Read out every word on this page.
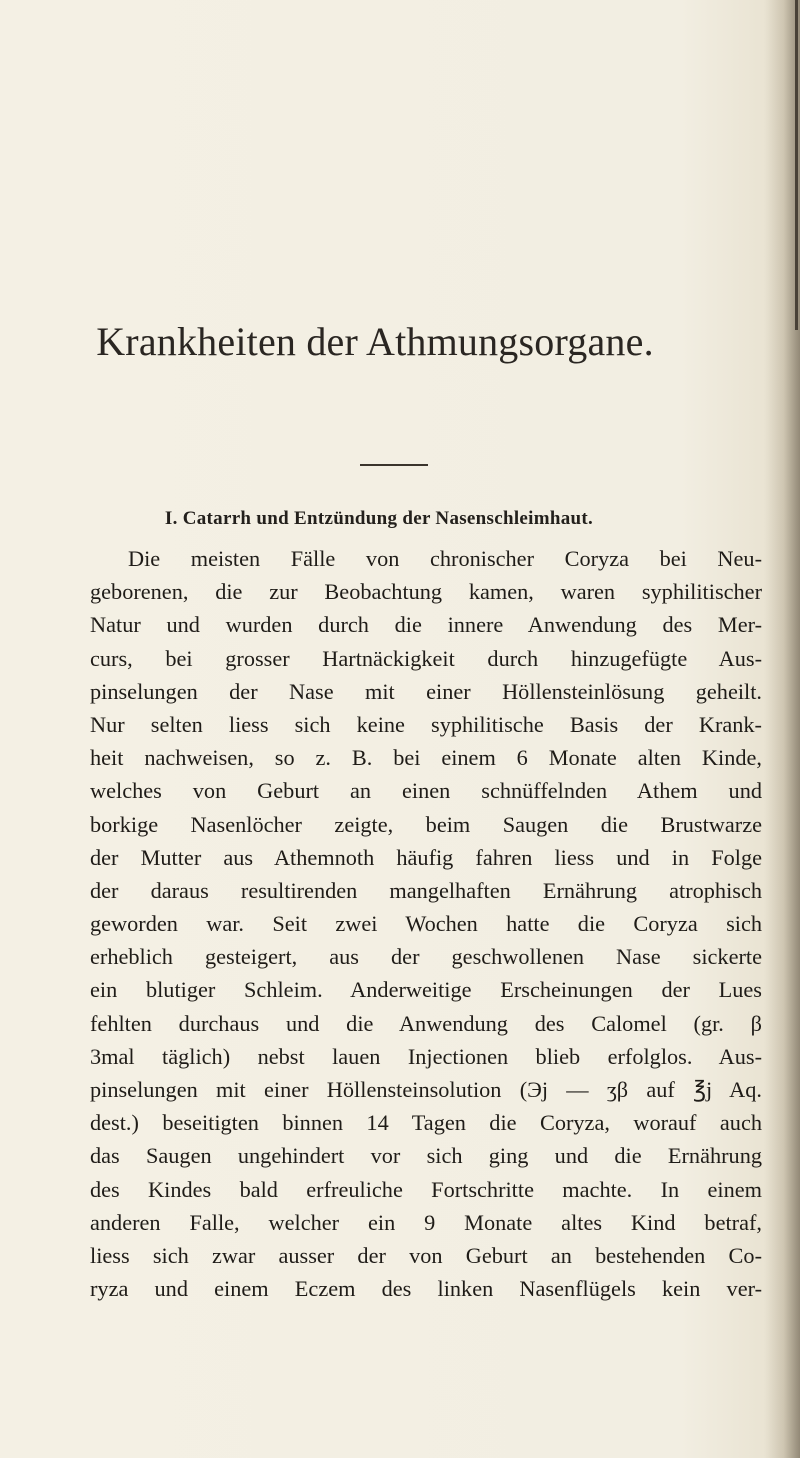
Krankheiten der Athmungsorgane.
I. Catarrh und Entzündung der Nasenschleimhaut.
Die meisten Fälle von chronischer Coryza bei Neu-
geborenen, die zur Beobachtung kamen, waren syphilitischer
Natur und wurden durch die innere Anwendung des Mer-
curs, bei grosser Hartnäckigkeit durch hinzugefügte Aus-
pinselungen der Nase mit einer Höllensteinlösung geheilt.
Nur selten liess sich keine syphilitische Basis der Krank-
heit nachweisen, so z. B. bei einem 6 Monate alten Kinde,
welches von Geburt an einen schnüffelnden Athem und
borkige Nasenlöcher zeigte, beim Saugen die Brustwarze
der Mutter aus Athemnoth häufig fahren liess und in Folge
der daraus resultirenden mangelhaften Ernährung atrophisch
geworden war. Seit zwei Wochen hatte die Coryza sich
erheblich gesteigert, aus der geschwollenen Nase sickerte
ein blutiger Schleim. Anderweitige Erscheinungen der Lues
fehlten durchaus und die Anwendung des Calomel (gr. β
3mal täglich) nebst lauen Injectionen blieb erfolglos. Aus-
pinselungen mit einer Höllensteinsolution (Эj — ʒβ auf ℥j Aq.
dest.) beseitigten binnen 14 Tagen die Coryza, worauf auch
das Saugen ungehindert vor sich ging und die Ernährung
des Kindes bald erfreuliche Fortschritte machte. In einem
anderen Falle, welcher ein 9 Monate altes Kind betraf,
liess sich zwar ausser der von Geburt an bestehenden Co-
ryza und einem Eczem des linken Nasenflügels kein ver-
